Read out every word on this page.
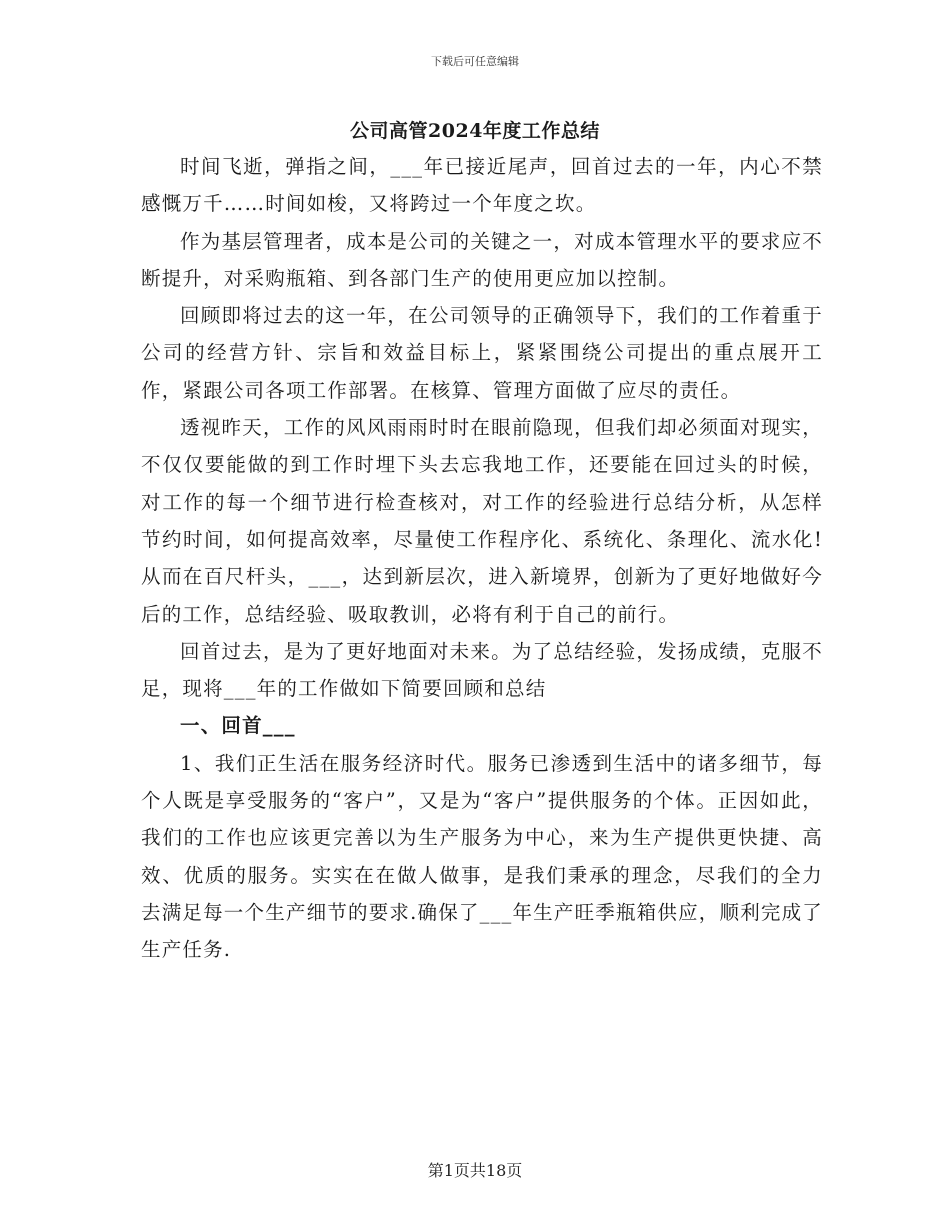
下载后可任意编辑
公司高管2024年度工作总结

时间飞逝，弹指之间，___年已接近尾声，回首过去的一年，内心不禁感慨万千……时间如梭，又将跨过一个年度之坎。

作为基层管理者，成本是公司的关键之一，对成本管理水平的要求应不断提升，对采购瓶箱、到各部门生产的使用更应加以控制。

回顾即将过去的这一年，在公司领导的正确领导下，我们的工作着重于公司的经营方针、宗旨和效益目标上，紧紧围绕公司提出的重点展开工作，紧跟公司各项工作部署。在核算、管理方面做了应尽的责任。

透视昨天，工作的风风雨雨时时在眼前隐现，但我们却必须面对现实，不仅仅要能做的到工作时埋下头去忘我地工作，还要能在回过头的时候，对工作的每一个细节进行检查核对，对工作的经验进行总结分析，从怎样节约时间，如何提高效率，尽量使工作程序化、系统化、条理化、流水化!从而在百尺杆头，___，达到新层次，进入新境界，创新为了更好地做好今后的工作，总结经验、吸取教训，必将有利于自己的前行。

回首过去，是为了更好地面对未来。为了总结经验，发扬成绩，克服不足，现将___年的工作做如下简要回顾和总结

一、回首___

1、我们正生活在服务经济时代。服务已渗透到生活中的诸多细节，每个人既是享受服务的“客户”，又是为“客户”提供服务的个体。正因如此，我们的工作也应该更完善以为生产服务为中心，来为生产提供更快捷、高效、优质的服务。实实在在做人做事，是我们秉承的理念，尽我们的全力去满足每一个生产细节的要求.确保了___年生产旺季瓶箱供应，顺利完成了生产任务.

第1页共18页
